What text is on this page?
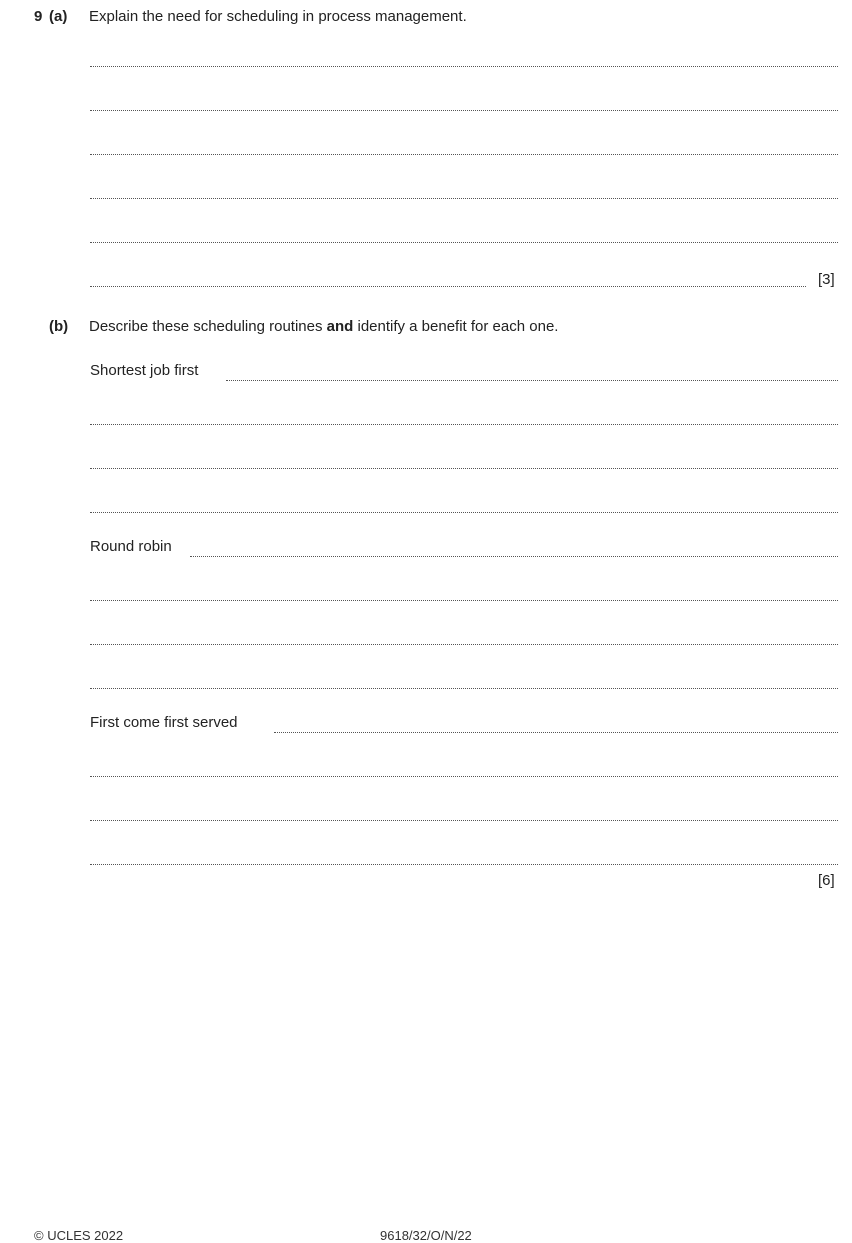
9 (a) Explain the need for scheduling in process management.
[3]
(b) Describe these scheduling routines and identify a benefit for each one.
Shortest job first
Round robin
First come first served
[6]
© UCLES 2022	9618/32/O/N/22
